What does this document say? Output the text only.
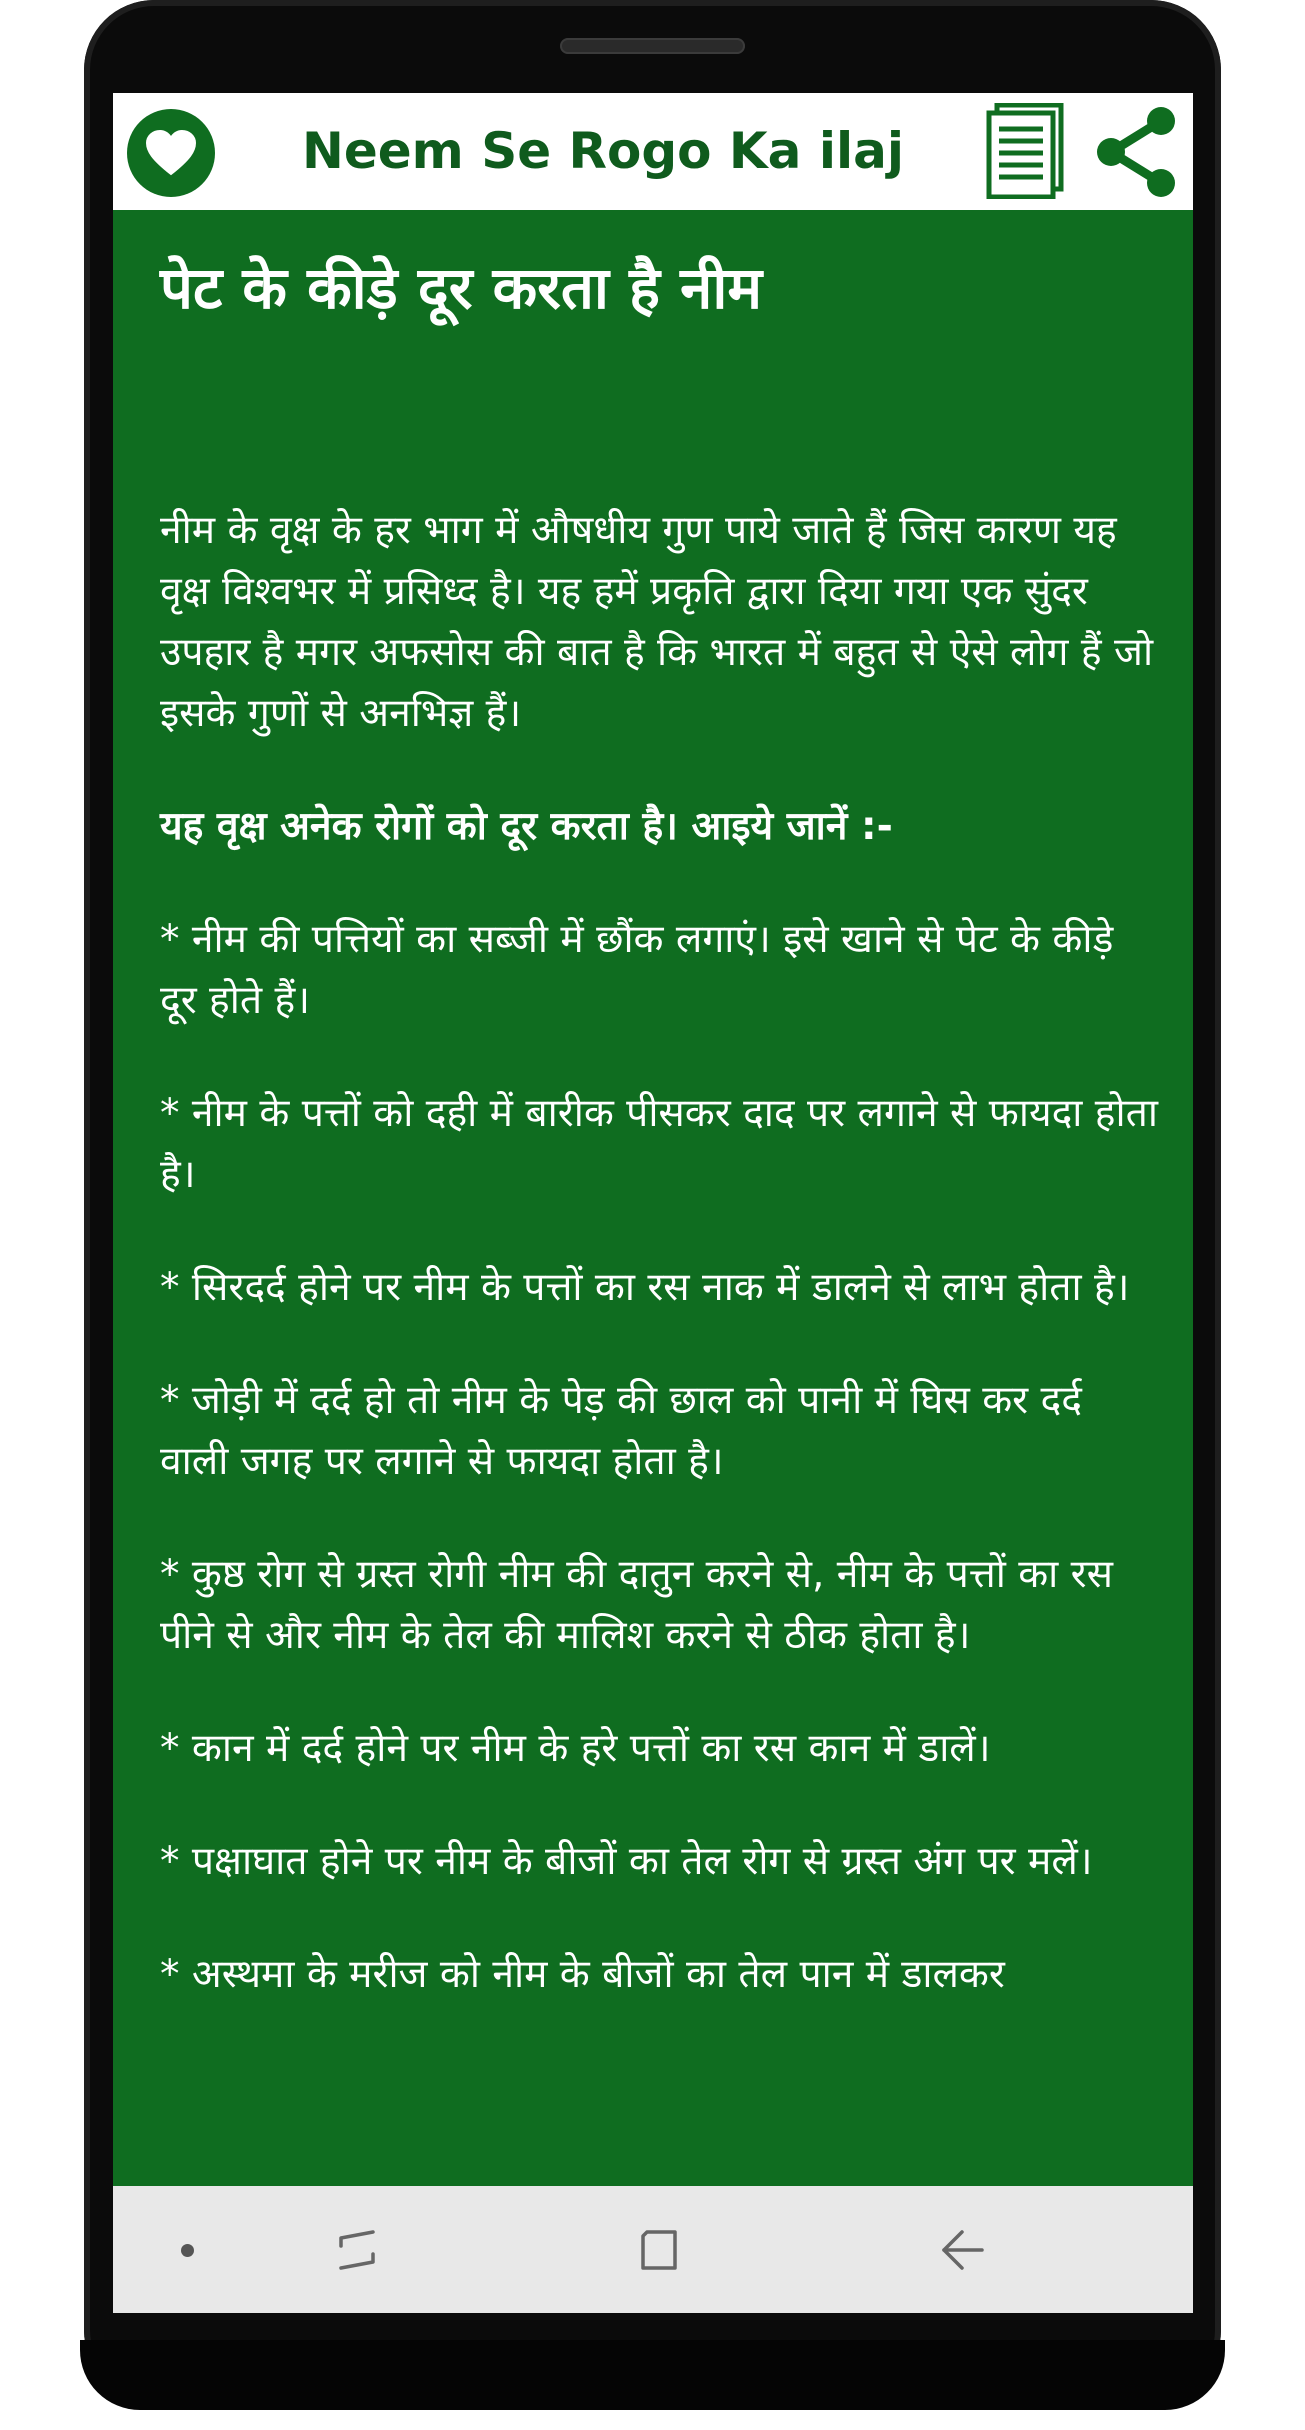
Neem Se Rogo Ka ilaj
पेट के कीड़े दूर करता है नीम

नीम के वृक्ष के हर भाग में औषधीय गुण पाये जाते हैं जिस कारण यह वृक्ष विश्वभर में प्रसिध्द है। यह हमें प्रकृति द्वारा दिया गया एक सुंदर उपहार है मगर अफसोस की बात है कि भारत में बहुत से ऐसे लोग हैं जो इसके गुणों से अनभिज्ञ हैं।

यह वृक्ष अनेक रोगों को दूर करता है। आइये जानें :-

* नीम की पत्तियों का सब्जी में छौंक लगाएं। इसे खाने से पेट के कीड़े दूर होते हैं।

* नीम के पत्तों को दही में बारीक पीसकर दाद पर लगाने से फायदा होता है।

* सिरदर्द होने पर नीम के पत्तों का रस नाक में डालने से लाभ होता है।

* जोड़ी में दर्द हो तो नीम के पेड़ की छाल को पानी में घिस कर दर्द वाली जगह पर लगाने से फायदा होता है।

* कुष्ठ रोग से ग्रस्त रोगी नीम की दातुन करने से, नीम के पत्तों का रस पीने से और नीम के तेल की मालिश करने से ठीक होता है।

* कान में दर्द होने पर नीम के हरे पत्तों का रस कान में डालें।

* पक्षाघात होने पर नीम के बीजों का तेल रोग से ग्रस्त अंग पर मलें।

* अस्थमा के मरीज को नीम के बीजों का तेल पान में डालकर
